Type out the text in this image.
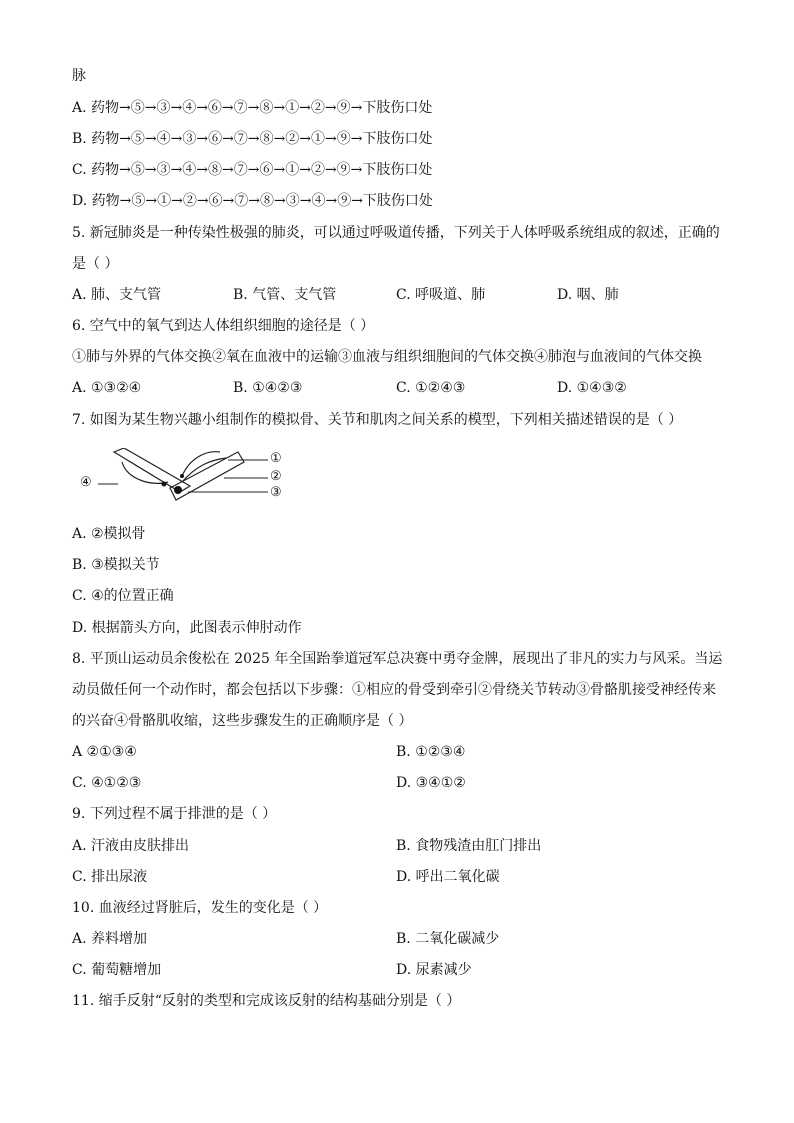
脉
A. 药物→⑤→③→④→⑥→⑦→⑧→①→②→⑨→下肢伤口处
B. 药物→⑤→④→③→⑥→⑦→⑧→②→①→⑨→下肢伤口处
C. 药物→⑤→③→④→⑧→⑦→⑥→①→②→⑨→下肢伤口处
D. 药物→⑤→①→②→⑥→⑦→⑧→③→④→⑨→下肢伤口处
5. 新冠肺炎是一种传染性极强的肺炎，可以通过呼吸道传播，下列关于人体呼吸系统组成的叙述，正确的
是（ ）
A. 肺、支气管	B. 气管、支气管	C. 呼吸道、肺	D. 咽、肺
6. 空气中的氧气到达人体组织细胞的途径是（ ）
①肺与外界的气体交换②氧在血液中的运输③血液与组织细胞间的气体交换④肺泡与血液间的气体交换
A. ①③②④	B. ①④②③	C. ①②④③	D. ①④③②
7. 如图为某生物兴趣小组制作的模拟骨、关节和肌肉之间关系的模型，下列相关描述错误的是（ ）
①
②
③
④
A. ②模拟骨
B. ③模拟关节
C. ④的位置正确
D. 根据箭头方向，此图表示伸肘动作
8. 平顶山运动员余俊松在 2025 年全国跆拳道冠军总决赛中勇夺金牌，展现出了非凡的实力与风采。当运
动员做任何一个动作时，都会包括以下步骤：①相应的骨受到牵引②骨绕关节转动③骨骼肌接受神经传来
的兴奋④骨骼肌收缩，这些步骤发生的正确顺序是（ ）
A ②①③④	B. ①②③④
C. ④①②③	D. ③④①②
9. 下列过程不属于排泄的是（ ）
A. 汗液由皮肤排出	B. 食物残渣由肛门排出
C. 排出尿液	D. 呼出二氧化碳
10. 血液经过肾脏后，发生的变化是（ ）
A. 养料增加	B. 二氧化碳减少
C. 葡萄糖增加	D. 尿素减少
11. 缩手反射“反射的类型和完成该反射的结构基础分别是（ ）
